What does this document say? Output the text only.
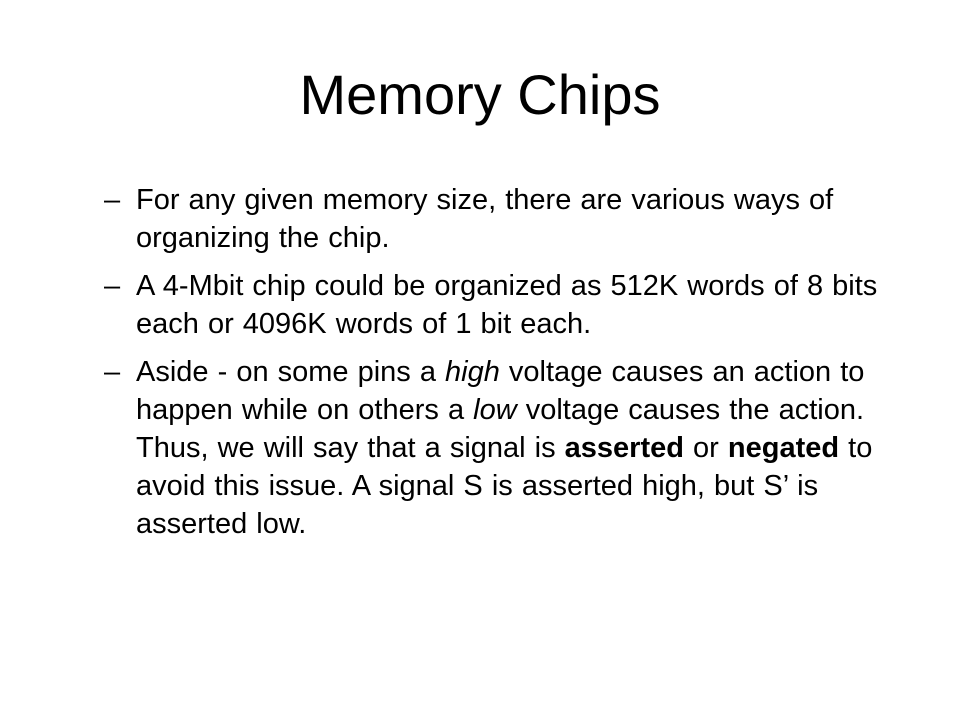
Memory Chips
– For any given memory size, there are various ways of organizing the chip.
– A 4-Mbit chip could be organized as 512K words of 8 bits each or 4096K words of 1 bit each.
– Aside - on some pins a high voltage causes an action to happen while on others a low voltage causes the action. Thus, we will say that a signal is asserted or negated to avoid this issue. A signal S is asserted high, but S’ is asserted low.
